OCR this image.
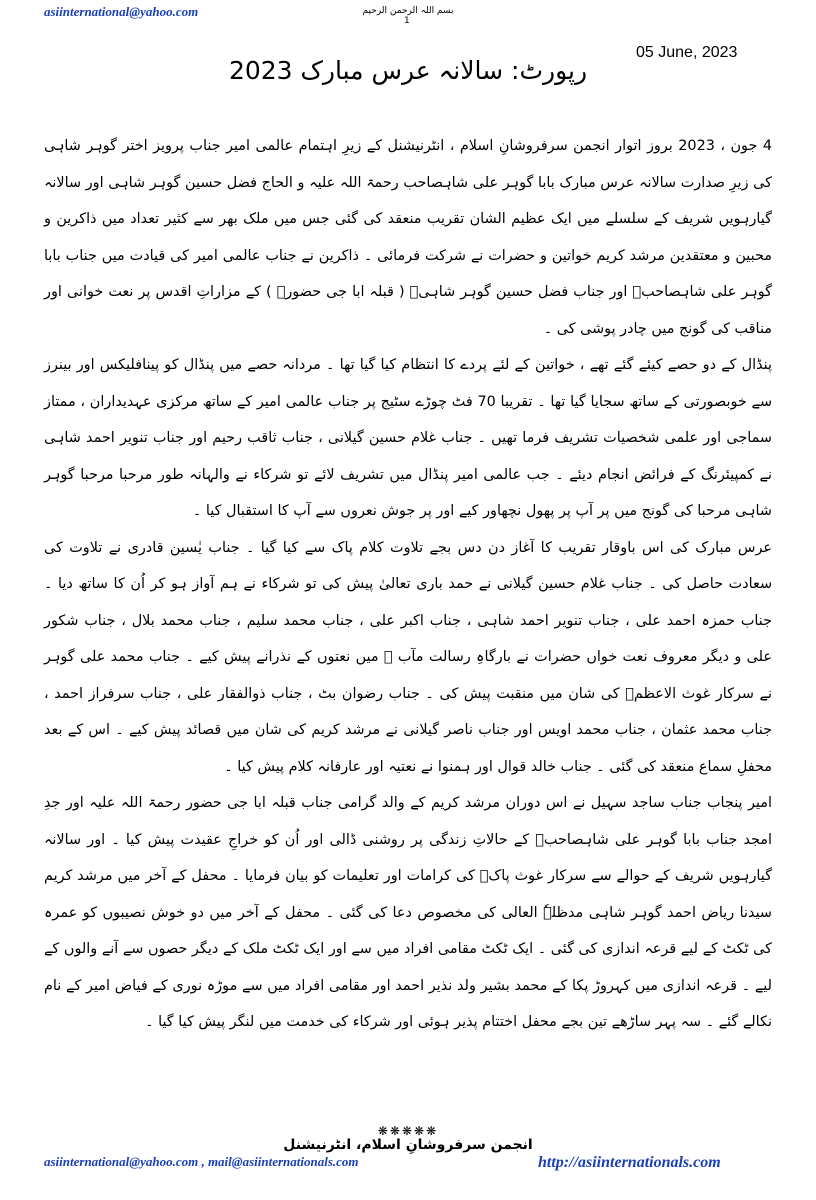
asiinternational@yahoo.com	بسم اللہ الرحمن الرحیم
1
05 June, 2023
رپورٹ: سالانہ عرس مبارک 2023

4 جون ، 2023 بروز اتوار انجمن سرفروشانِ اسلام ، انٹرنیشنل کے زیرِ اہتمام عالمی امیر جناب پرویز اختر گوہر شاہی کی زیرِ صدارت سالانہ عرس مبارک بابا گوہر علی شاہصاحب رحمۃ اللہ علیہ و الحاج فضل حسین گوہر شاہی اور سالانہ گیارہویں شریف کے سلسلے میں ایک عظیم الشان تقریب منعقد کی گئی جس میں ملک بھر سے کثیر تعداد میں ذاکرین و محبین و معتقدین مرشد کریم خواتین و حضرات نے شرکت فرمائی ۔ ذاکرین نے جناب عالمی امیر کی قیادت میں جناب بابا گوہر علی شاہصاحبؒ اور جناب فضل حسین گوہر شاہیؒ ( قبلہ ابا جی حضورؒ ) کے مزاراتِ اقدس پر نعت خوانی اور مناقب کی گونج میں چادر پوشی کی ۔

پنڈال کے دو حصے کیئے گئے تھے ، خواتین کے لئے پردے کا انتظام کیا گیا تھا ۔ مردانہ حصے میں پنڈال کو پینافلیکس اور بینرز سے خوبصورتی کے ساتھ سجایا گیا تھا ۔ تقریبا 70 فٹ چوڑے سٹیج پر جناب عالمی امیر کے ساتھ مرکزی عہدیداران ، ممتاز سماجی اور علمی شخصیات تشریف فرما تھیں ۔ جناب غلام حسین گیلانی ، جناب ثاقب رحیم اور جناب تنویر احمد شاہی نے کمپیئرنگ کے فرائض انجام دیئے ۔ جب عالمی امیر پنڈال میں تشریف لائے تو شرکاء نے والہانہ طور مرحبا مرحبا گوہر شاہی مرحبا کی گونج میں پر آپ پر پھول نچھاور کیے اور پر جوش نعروں سے آپ کا استقبال کیا ۔

عرس مبارک کی اس باوقار تقریب کا آغاز دن دس بجے تلاوت کلام پاک سے کیا گیا ۔ جناب یٰسین قادری نے تلاوت کی سعادت حاصل کی ۔ جناب غلام حسین گیلانی نے حمد باری تعالیٰ پیش کی تو شرکاء نے ہم آواز ہو کر اُن کا ساتھ دیا ۔ جناب حمزہ احمد علی ، جناب تنویر احمد شاہی ، جناب اکبر علی ، جناب محمد سلیم ، جناب محمد بلال ، جناب شکور علی و دیگر معروف نعت خواں حضرات نے بارگاہِ رسالت مآب ﷺ میں نعتوں کے نذرانے پیش کیے ۔ جناب محمد علی گوہر نے سرکار غوث الاعظمؓ کی شان میں منقبت پیش کی ۔ جناب رضوان بٹ ، جناب ذوالفقار علی ، جناب سرفراز احمد ، جناب محمد عثمان ، جناب محمد اویس اور جناب ناصر گیلانی نے مرشد کریم کی شان میں قصائد پیش کیے ۔ اس کے بعد محفلِ سماع منعقد کی گئی ۔ جناب خالد قوال اور ہمنوا نے نعتیہ اور عارفانہ کلام پیش کیا ۔

امیر پنجاب جناب ساجد سہیل نے اس دوران مرشد کریم کے والد گرامی جناب قبلہ ابا جی حضور رحمۃ اللہ علیہ اور جدِ امجد جناب بابا گوہر علی شاہصاحبؒ کے حالاتِ زندگی پر روشنی ڈالی اور اُن کو خراجِ عقیدت پیش کیا ۔ اور سالانہ گیارہویں شریف کے حوالے سے سرکار غوث پاکؓ کی کرامات اور تعلیمات کو بیان فرمایا ۔ محفل کے آخر میں مرشد کریم سیدنا ریاض احمد گوہر شاہی مدظلہٗ العالی کی مخصوص دعا کی گئی ۔ محفل کے آخر میں دو خوش نصیبوں کو عمرہ کی ٹکٹ کے لیے قرعہ اندازی کی گئی ۔ ایک ٹکٹ مقامی افراد میں سے اور ایک ٹکٹ ملک کے دیگر حصوں سے آنے والوں کے لیے ۔ قرعہ اندازی میں کہروڑ پکا کے محمد بشیر ولد نذیر احمد اور مقامی افراد میں سے موڑہ نوری کے فیاض امیر کے نام نکالے گئے ۔ سہ پہر ساڑھے تین بجے محفل اختتام پذیر ہوئی اور شرکاء کی خدمت میں لنگر پیش کیا گیا ۔

❋❋❋❋❋
انجمن سرفروشانِ اسلام، انٹرنیشنل
asiinternational@yahoo.com , mail@asiinternationals.com	http://asiinternationals.com
